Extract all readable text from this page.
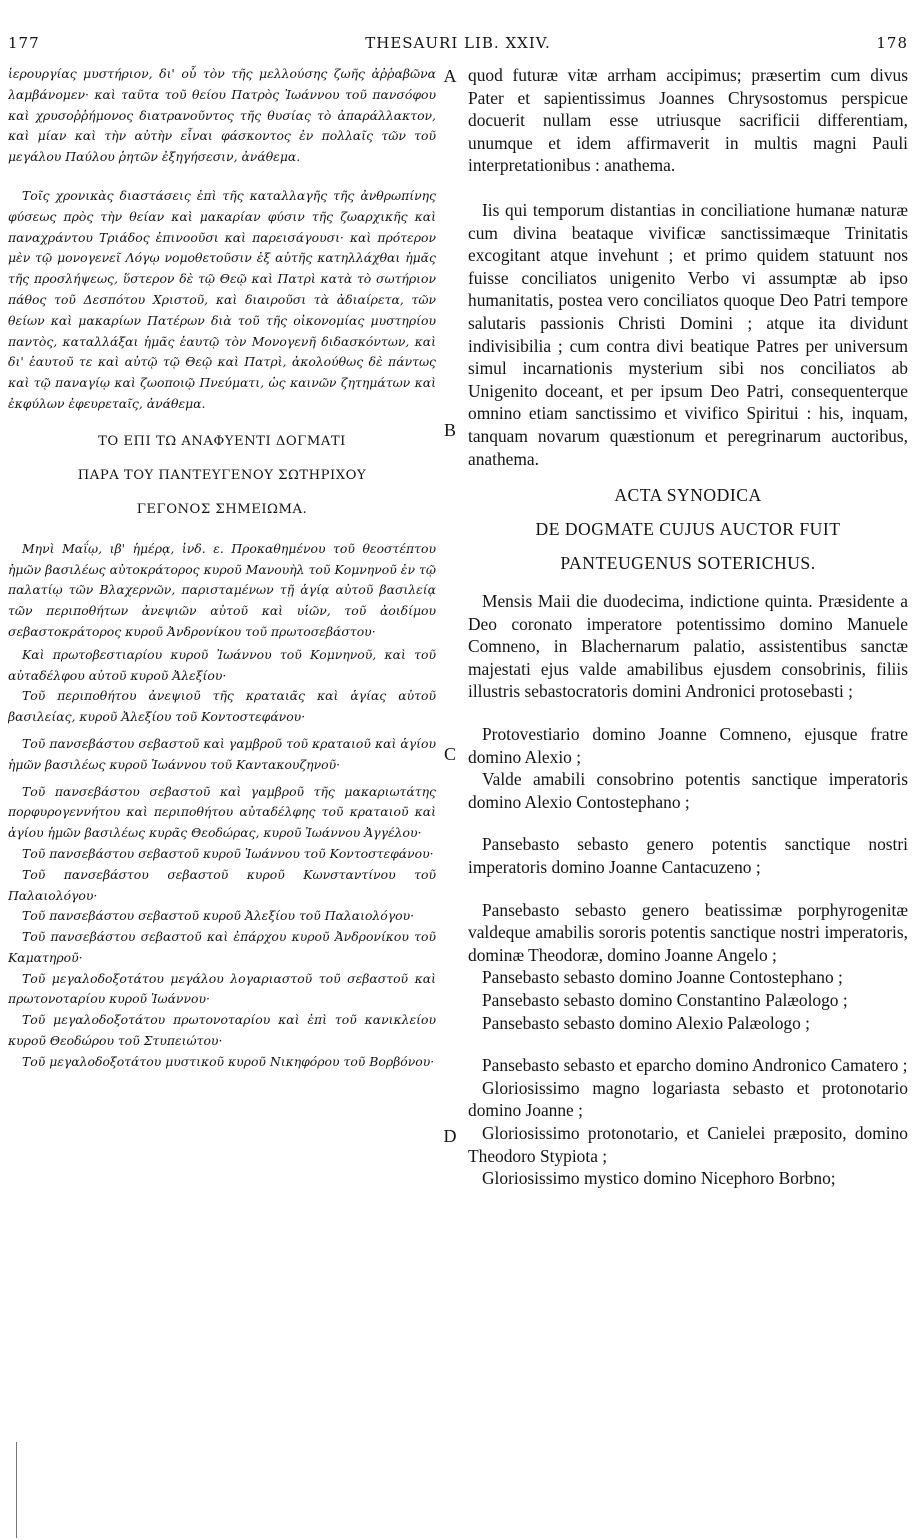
177	THESAURI LIB. XXIV.	178

ἱερουργίας μυστήριον, δι' οὗ τὸν τῆς μελλούσης ζωῆς ἀῤῥαβῶνα λαμβάνομεν· καὶ ταῦτα τοῦ θείου Πατρὸς Ἰωάννου τοῦ πανσόφου καὶ χρυσοῤῥήμονος διατρανοῦντος τῆς θυσίας τὸ ἀπαράλλακτον, καὶ μίαν καὶ τὴν αὐτὴν εἶναι φάσκοντος ἐν πολλαῖς τῶν τοῦ μεγάλου Παύλου ῥητῶν ἐξηγήσεσιν, ἀνάθεμα.

Τοῖς χρονικὰς διαστάσεις ἐπὶ τῆς καταλλαγῆς τῆς ἀνθρωπίνης φύσεως πρὸς τὴν θείαν καὶ μακαρίαν φύσιν τῆς ζωαρχικῆς καὶ παναχράντου Τριάδος ἐπινοοῦσι καὶ παρεισάγουσι· καὶ πρότερον μὲν τῷ μονογενεῖ Λόγῳ νομοθετοῦσιν ἐξ αὐτῆς κατηλλάχθαι ἡμᾶς τῆς προσλήψεως, ὕστερον δὲ τῷ Θεῷ καὶ Πατρὶ κατὰ τὸ σωτήριον πάθος τοῦ Δεσπότου Χριστοῦ, καὶ διαιροῦσι τὰ ἀδιαίρετα, τῶν θείων καὶ μακαρίων Πατέρων διὰ τοῦ τῆς οἰκονομίας μυστηρίου παντὸς, καταλλάξαι ἡμᾶς ἑαυτῷ τὸν Μονογενῆ διδασκόντων, καὶ δι' ἑαυτοῦ τε καὶ αὐτῷ τῷ Θεῷ καὶ Πατρὶ, ἀκολούθως δὲ πάντως καὶ τῷ παναγίῳ καὶ ζωοποιῷ Πνεύματι, ὡς καινῶν ζητημάτων καὶ ἐκφύλων ἐφευρεταῖς, ἀνάθεμα.

ΤΟ ΕΠΙ ΤΩ ΑΝΑΦΥΕΝΤΙ ΔΟΓΜΑΤΙ

ΠΑΡΑ ΤΟΥ ΠΑΝΤΕΥΓΕΝΟΥ ΣΩΤΗΡΙΧΟΥ

ΓΕΓΟΝΟΣ ΣΗΜΕΙΩΜΑ.

Μηνὶ Μαΐῳ, ιβ' ἡμέρᾳ, ἰνδ. ε. Προκαθημένου τοῦ θεοστέπτου ἡμῶν βασιλέως αὐτοκράτορος κυροῦ Μανουὴλ τοῦ Κομνηνοῦ ἐν τῷ παλατίῳ τῶν Βλαχερνῶν, παρισταμένων τῇ ἁγίᾳ αὐτοῦ βασιλείᾳ τῶν περιποθήτων ἀνεψιῶν αὐτοῦ καὶ υἱῶν, τοῦ ἀοιδίμου σεβαστοκράτορος κυροῦ Ἀνδρονίκου τοῦ πρωτοσεβάστου·

Καὶ πρωτοβεστιαρίου κυροῦ Ἰωάννου τοῦ Κομνηνοῦ, καὶ τοῦ αὐταδέλφου αὐτοῦ κυροῦ Ἀλεξίου·

Τοῦ περιποθήτου ἀνεψιοῦ τῆς κραταιᾶς καὶ ἁγίας αὐτοῦ βασιλείας, κυροῦ Ἀλεξίου τοῦ Κοντοστεφάνου·

Τοῦ πανσεβάστου σεβαστοῦ καὶ γαμβροῦ τοῦ κραταιοῦ καὶ ἁγίου ἡμῶν βασιλέως κυροῦ Ἰωάννου τοῦ Καντακουζηνοῦ·

Τοῦ πανσεβάστου σεβαστοῦ καὶ γαμβροῦ τῆς μακαριωτάτης πορφυρογεννήτου καὶ περιποθήτου αὐταδέλφης τοῦ κραταιοῦ καὶ ἁγίου ἡμῶν βασιλέως κυρᾶς Θεοδώρας, κυροῦ Ἰωάννου Ἀγγέλου·

Τοῦ πανσεβάστου σεβαστοῦ κυροῦ Ἰωάννου τοῦ Κοντοστεφάνου·

Τοῦ πανσεβάστου σεβαστοῦ κυροῦ Κωνσταντίνου τοῦ Παλαιολόγου·

Τοῦ πανσεβάστου σεβαστοῦ κυροῦ Ἀλεξίου τοῦ Παλαιολόγου·

Τοῦ πανσεβάστου σεβαστοῦ καὶ ἐπάρχου κυροῦ Ἀνδρονίκου τοῦ Καματηροῦ·

Τοῦ μεγαλοδοξοτάτου μεγάλου λογαριαστοῦ τοῦ σεβαστοῦ καὶ πρωτονοταρίου κυροῦ Ἰωάννου·

Τοῦ μεγαλοδοξοτάτου πρωτονοταρίου καὶ ἐπὶ τοῦ κανικλείου κυροῦ Θεοδώρου τοῦ Στυπειώτου·

Τοῦ μεγαλοδοξοτάτου μυστικοῦ κυροῦ Νικηφόρου τοῦ Βορβόνου·

A
B
C
D

quod futuræ vitæ arrham accipimus; præsertim cum divus Pater et sapientissimus Joannes Chrysostomus perspicue docuerit nullam esse utriusque sacrificii differentiam, unumque et idem affirmaverit in multis magni Pauli interpretationibus : anathema.

Iis qui temporum distantias in conciliatione humanæ naturæ cum divina beataque vivificæ sanctissimæque Trinitatis excogitant atque invehunt ; et primo quidem statuunt nos fuisse conciliatos unigenito Verbo vi assumptæ ab ipso humanitatis, postea vero conciliatos quoque Deo Patri tempore salutaris passionis Christi Domini ; atque ita dividunt indivisibilia ; cum contra divi beatique Patres per universum simul incarnationis mysterium sibi nos conciliatos ab Unigenito doceant, et per ipsum Deo Patri, consequenterque omnino etiam sanctissimo et vivifico Spiritui : his, inquam, tanquam novarum quæstionum et peregrinarum auctoribus, anathema.

ACTA SYNODICA

DE DOGMATE CUJUS AUCTOR FUIT

PANTEUGENUS SOTERICHUS.

Mensis Maii die duodecima, indictione quinta. Præsidente a Deo coronato imperatore potentissimo domino Manuele Comneno, in Blachernarum palatio, assistentibus sanctæ majestati ejus valde amabilibus ejusdem consobrinis, filiis illustris sebastocratoris domini Andronici protosebasti ;

Protovestiario domino Joanne Comneno, ejusque fratre domino Alexio ;

Valde amabili consobrino potentis sanctique imperatoris domino Alexio Contostephano ;

Pansebasto sebasto genero potentis sanctique nostri imperatoris domino Joanne Cantacuzeno ;

Pansebasto sebasto genero beatissimæ porphyrogenitæ valdeque amabilis sororis potentis sanctique nostri imperatoris, dominæ Theodoræ, domino Joanne Angelo ;

Pansebasto sebasto domino Joanne Contostephano ;

Pansebasto sebasto domino Constantino Palæologo ;

Pansebasto sebasto domino Alexio Palæologo ;

Pansebasto sebasto et eparcho domino Andronico Camatero ;

Gloriosissimo magno logariasta sebasto et protonotario domino Joanne ;

Gloriosissimo protonotario, et Canielei præposito, domino Theodoro Stypiota ;

Gloriosissimo mystico domino Nicephoro Borbno;
